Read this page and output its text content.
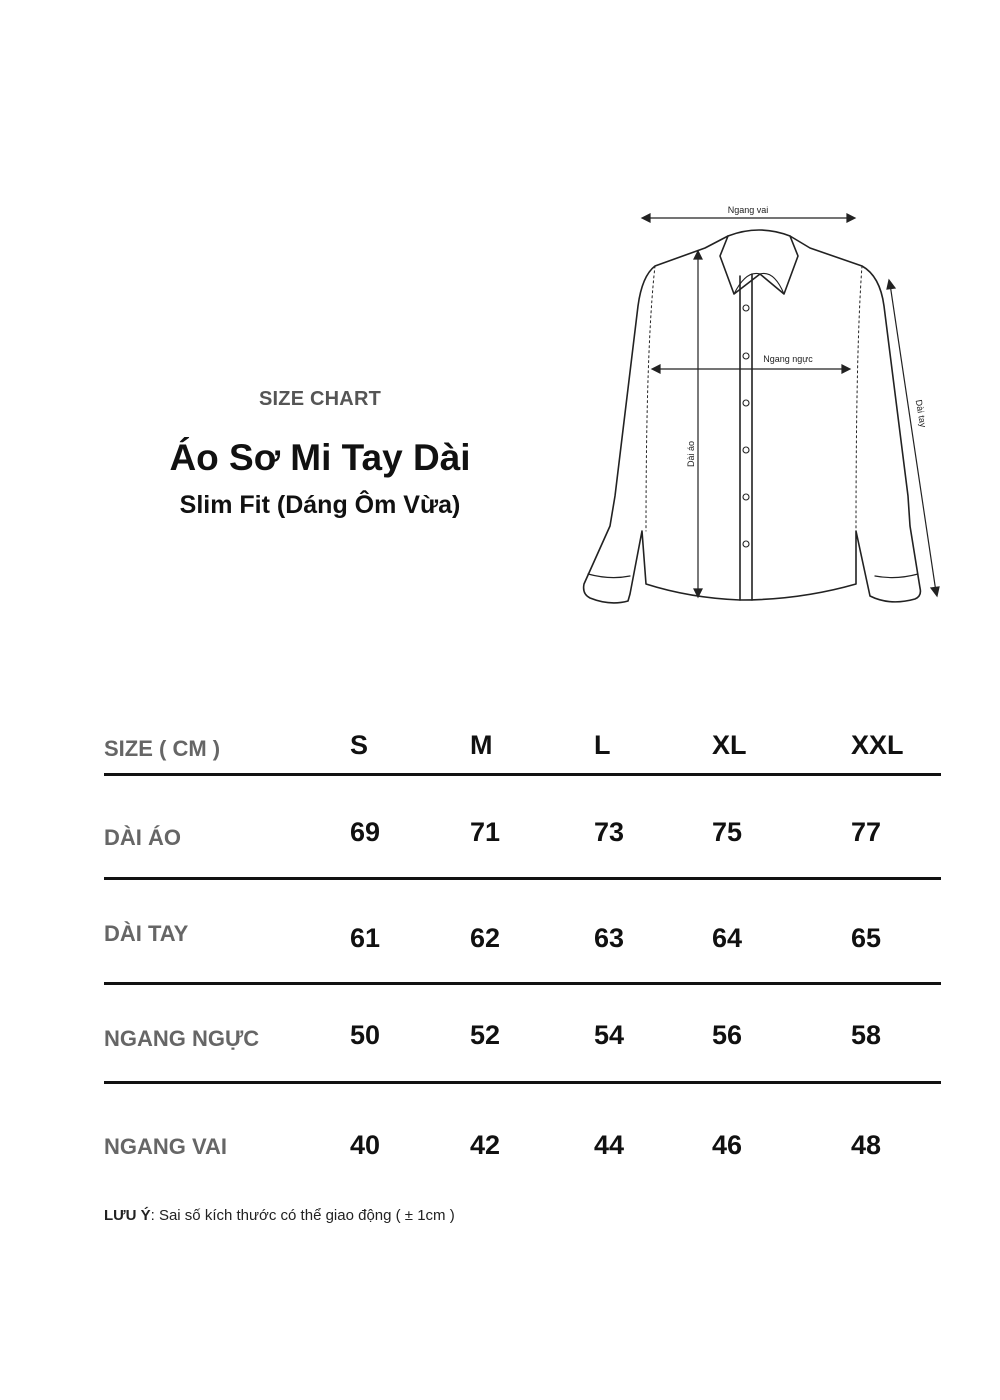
SIZE CHART
Áo Sơ Mi Tay Dài
Slim Fit (Dáng Ôm Vừa)
Ngang vai
Ngang ngực
Dài áo
Dài tay
SIZE ( CM )	S	M	L	XL	XXL
DÀI ÁO	69	71	73	75	77
DÀI TAY	61	62	63	64	65
NGANG NGỰC	50	52	54	56	58
NGANG VAI	40	42	44	46	48
LƯU Ý: Sai số kích thước có thể giao động ( ± 1cm )
